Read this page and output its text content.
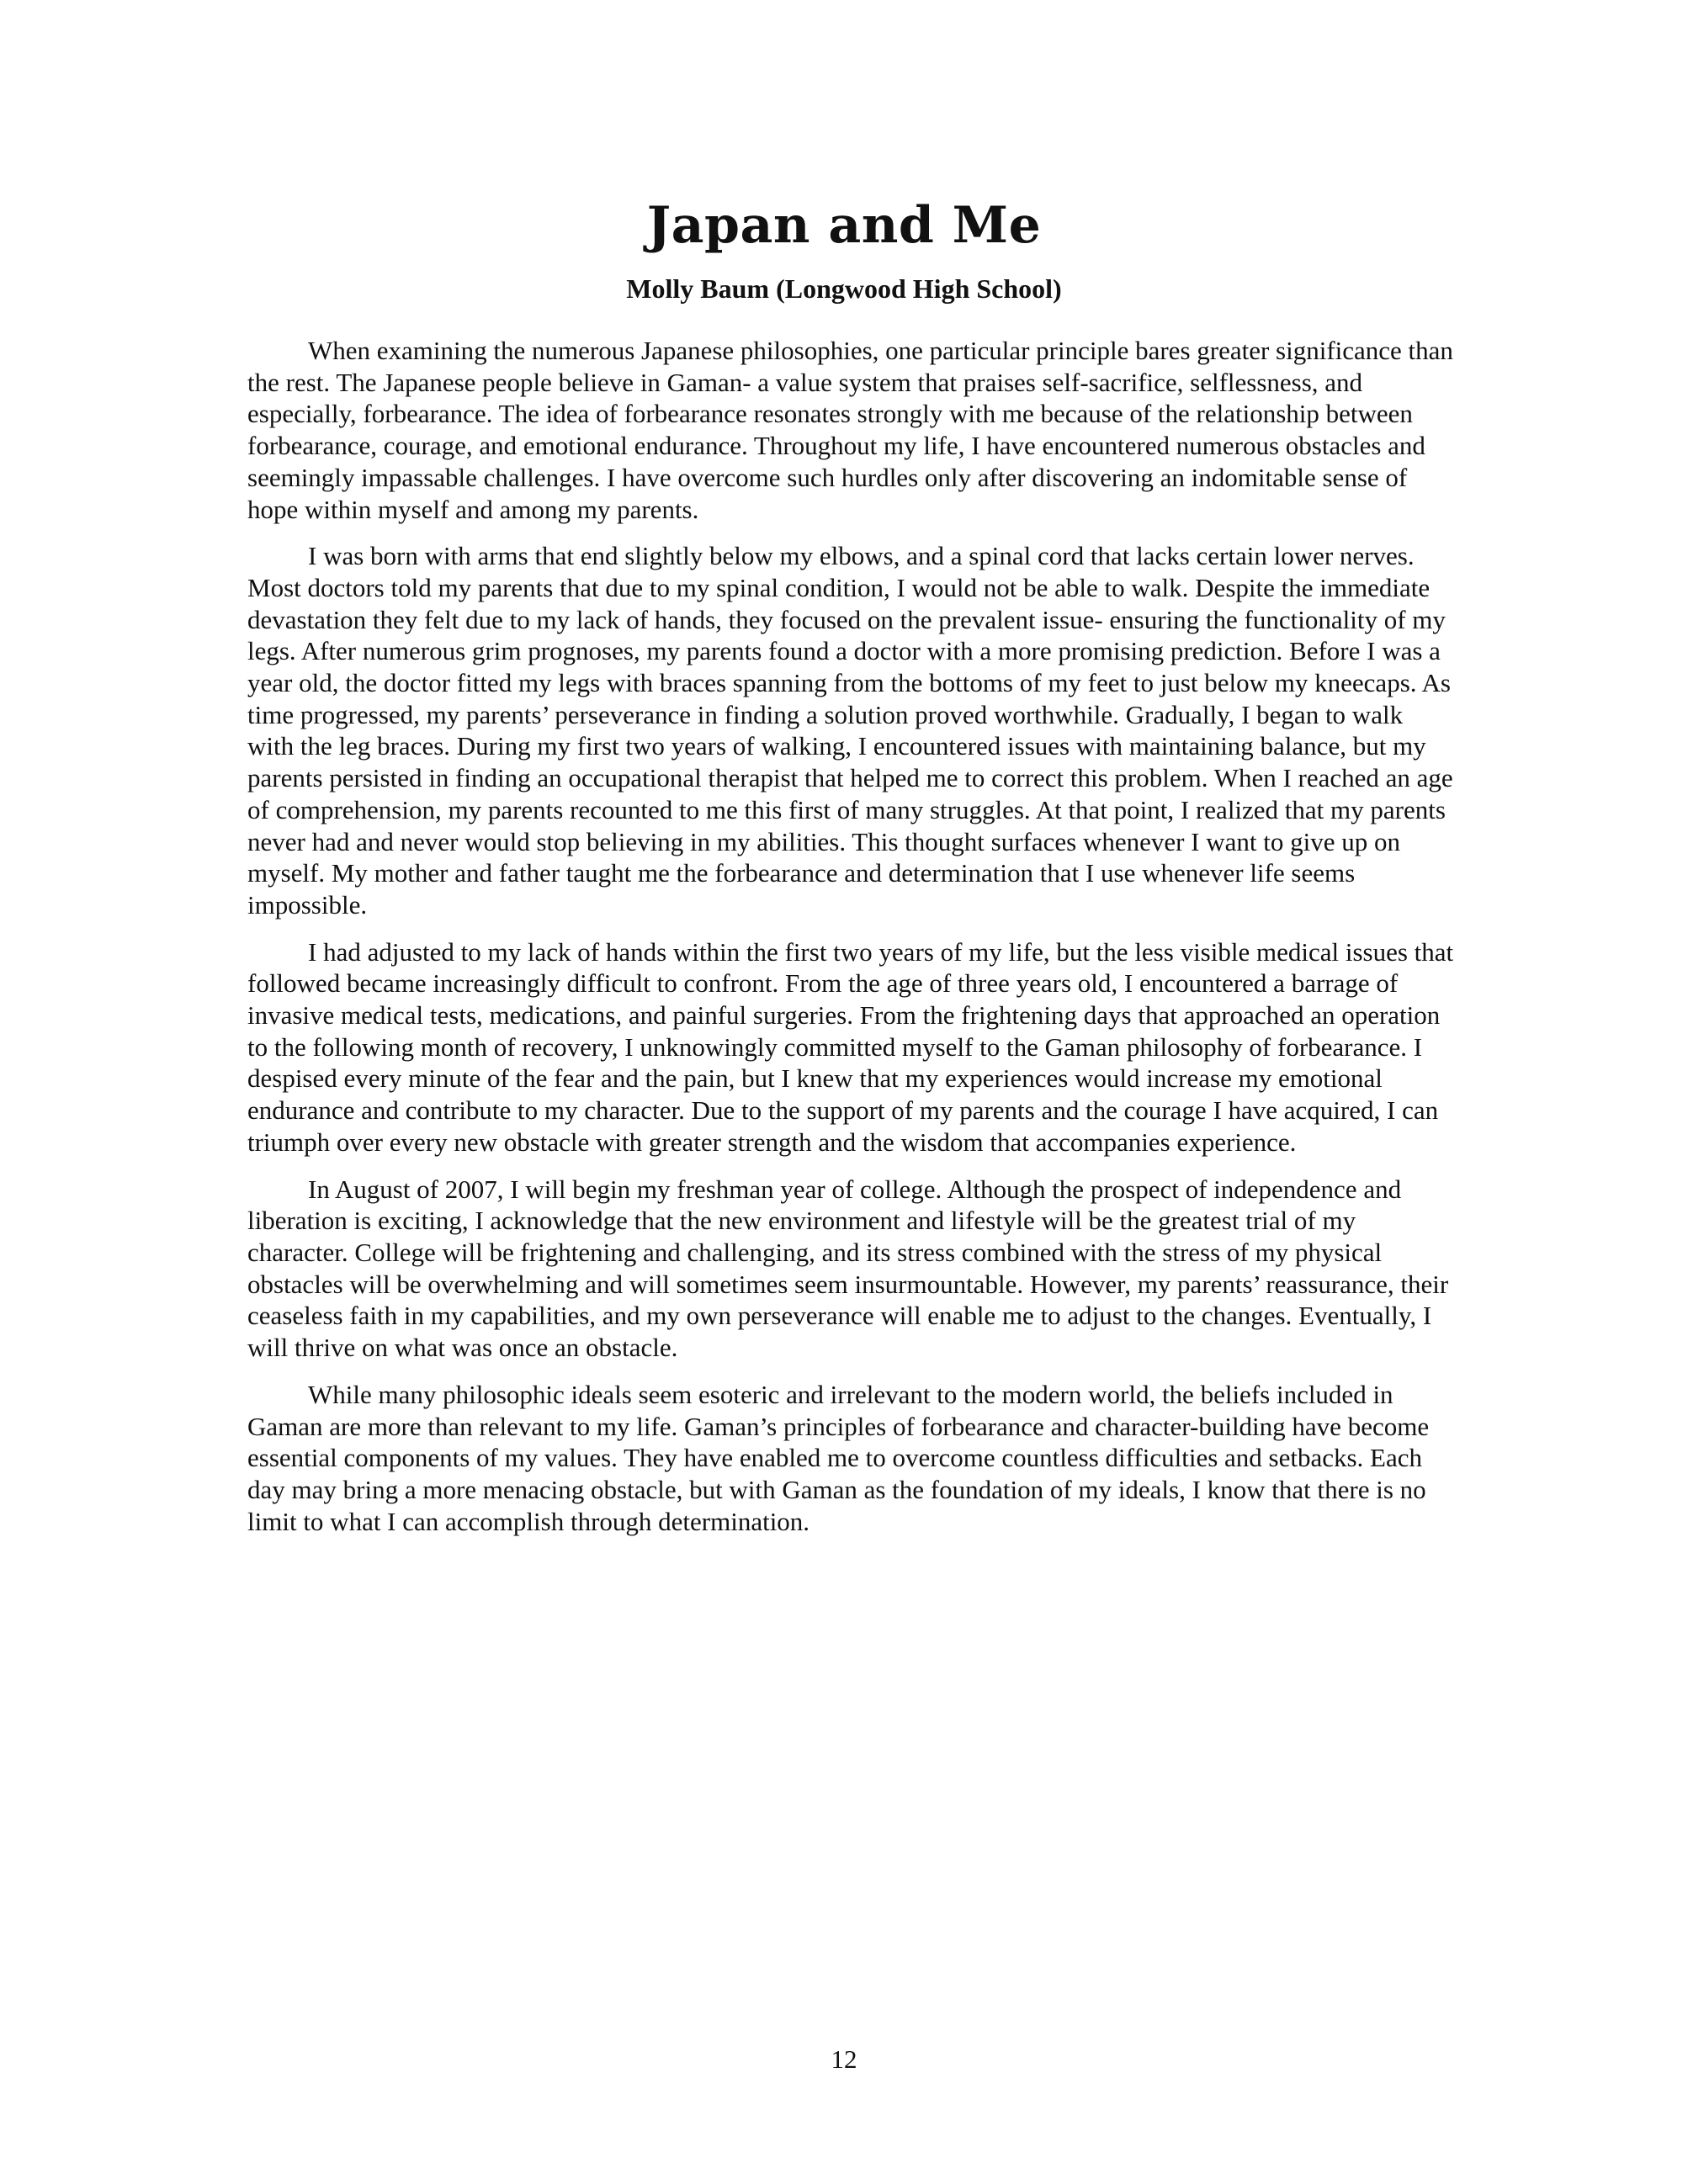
Japan and Me

Molly Baum (Longwood High School)

When examining the numerous Japanese philosophies, one particular principle bares greater significance than the rest. The Japanese people believe in Gaman- a value system that praises self-sacrifice, selflessness, and especially, forbearance. The idea of forbearance resonates strongly with me because of the relationship between forbearance, courage, and emotional endurance. Throughout my life, I have encountered numerous obstacles and seemingly impassable challenges. I have overcome such hurdles only after discovering an indomitable sense of hope within myself and among my parents.

I was born with arms that end slightly below my elbows, and a spinal cord that lacks certain lower nerves. Most doctors told my parents that due to my spinal condition, I would not be able to walk. Despite the immediate devastation they felt due to my lack of hands, they focused on the prevalent issue- ensuring the functionality of my legs. After numerous grim prognoses, my parents found a doctor with a more promising prediction. Before I was a year old, the doctor fitted my legs with braces spanning from the bottoms of my feet to just below my kneecaps. As time progressed, my parents’ perseverance in finding a solution proved worthwhile. Gradually, I began to walk with the leg braces. During my first two years of walking, I encountered issues with maintaining balance, but my parents persisted in finding an occupational therapist that helped me to correct this problem. When I reached an age of comprehension, my parents recounted to me this first of many struggles. At that point, I realized that my parents never had and never would stop believing in my abilities. This thought surfaces whenever I want to give up on myself. My mother and father taught me the forbearance and determination that I use whenever life seems impossible.

I had adjusted to my lack of hands within the first two years of my life, but the less visible medical issues that followed became increasingly difficult to confront. From the age of three years old, I encountered a barrage of invasive medical tests, medications, and painful surgeries. From the frightening days that approached an operation to the following month of recovery, I unknowingly committed myself to the Gaman philosophy of forbearance. I despised every minute of the fear and the pain, but I knew that my experiences would increase my emotional endurance and contribute to my character. Due to the support of my parents and the courage I have acquired, I can triumph over every new obstacle with greater strength and the wisdom that accompanies experience.

In August of 2007, I will begin my freshman year of college. Although the prospect of independence and liberation is exciting, I acknowledge that the new environment and lifestyle will be the greatest trial of my character. College will be frightening and challenging, and its stress combined with the stress of my physical obstacles will be overwhelming and will sometimes seem insurmountable. However, my parents’ reassurance, their ceaseless faith in my capabilities, and my own perseverance will enable me to adjust to the changes. Eventually, I will thrive on what was once an obstacle.

While many philosophic ideals seem esoteric and irrelevant to the modern world, the beliefs included in Gaman are more than relevant to my life. Gaman’s principles of forbearance and character-building have become essential components of my values. They have enabled me to overcome countless difficulties and setbacks. Each day may bring a more menacing obstacle, but with Gaman as the foundation of my ideals, I know that there is no limit to what I can accomplish through determination.

12
